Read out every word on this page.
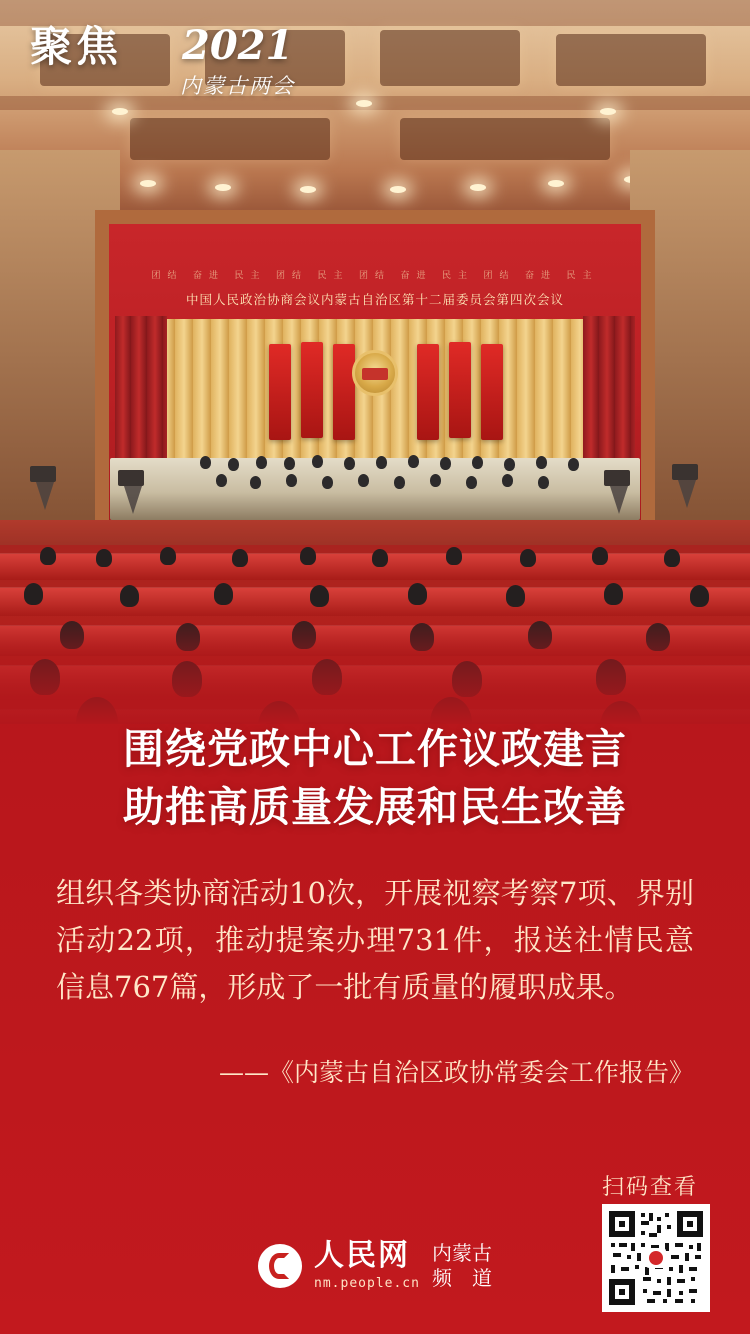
团结 奋进 民主 团结 民主 团结 奋进 民主 团结 奋进 民主
中国人民政治协商会议内蒙古自治区第十二届委员会第四次会议
聚焦	2021
内蒙古两会
围绕党政中心工作议政建言
助推高质量发展和民生改善
组织各类协商活动10次，开展视察考察7项、界别活动22项，推动提案办理731件，报送社情民意信息767篇，形成了一批有质量的履职成果。
——《内蒙古自治区政协常委会工作报告》
扫码查看
人民网
nm.people.cn
内蒙古
频　道
